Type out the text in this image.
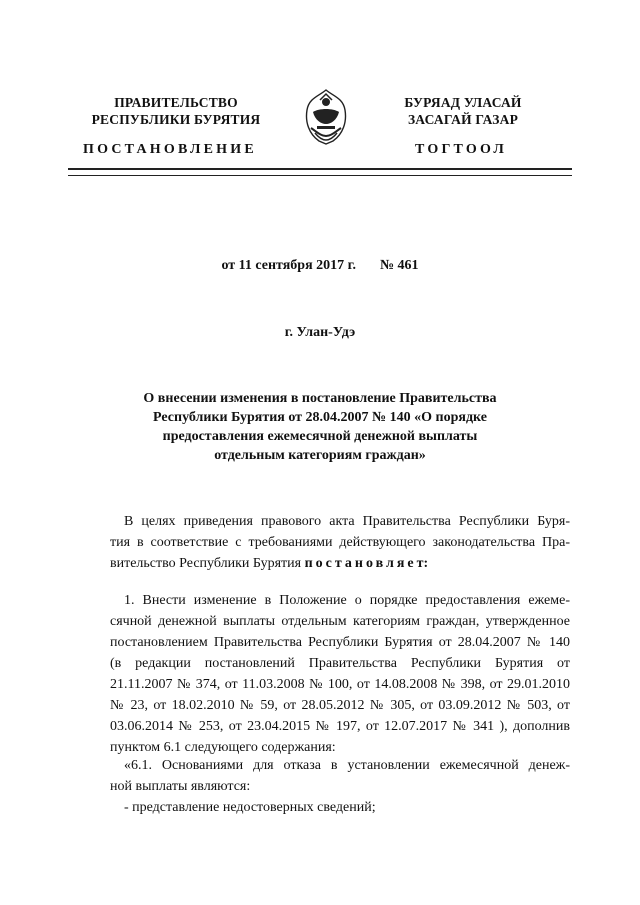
ПРАВИТЕЛЬСТВО
РЕСПУБЛИКИ БУРЯТИЯ
БУРЯАД УЛАСАЙ
ЗАСАГАЙ ГАЗАР
ПОСТАНОВЛЕНИЕ	ТОГТООЛ
от 11 сентября 2017 г. № 461
г. Улан-Удэ
О внесении изменения в постановление Правительства
Республики Бурятия от 28.04.2007 № 140 «О порядке
предоставления ежемесячной денежной выплаты
отдельным категориям граждан»
В целях приведения правового акта Правительства Республики Буря-
тия в соответствие с требованиями действующего законодательства Пра-
вительство Республики Бурятия постановляет:
1. Внести изменение в Положение о порядке предоставления ежеме-
сячной денежной выплаты отдельным категориям граждан, утвержденное
постановлением Правительства Республики Бурятия от 28.04.2007 № 140
(в редакции постановлений Правительства Республики Бурятия от
21.11.2007 № 374, от 11.03.2008 № 100, от 14.08.2008 № 398, от 29.01.2010
№ 23, от 18.02.2010 № 59, от 28.05.2012 № 305, от 03.09.2012 № 503, от
03.06.2014 № 253, от 23.04.2015 № 197, от 12.07.2017 № 341 ), дополнив
пунктом 6.1 следующего содержания:
«6.1. Основаниями для отказа в установлении ежемесячной денеж-
ной выплаты являются:
- представление недостоверных сведений;
